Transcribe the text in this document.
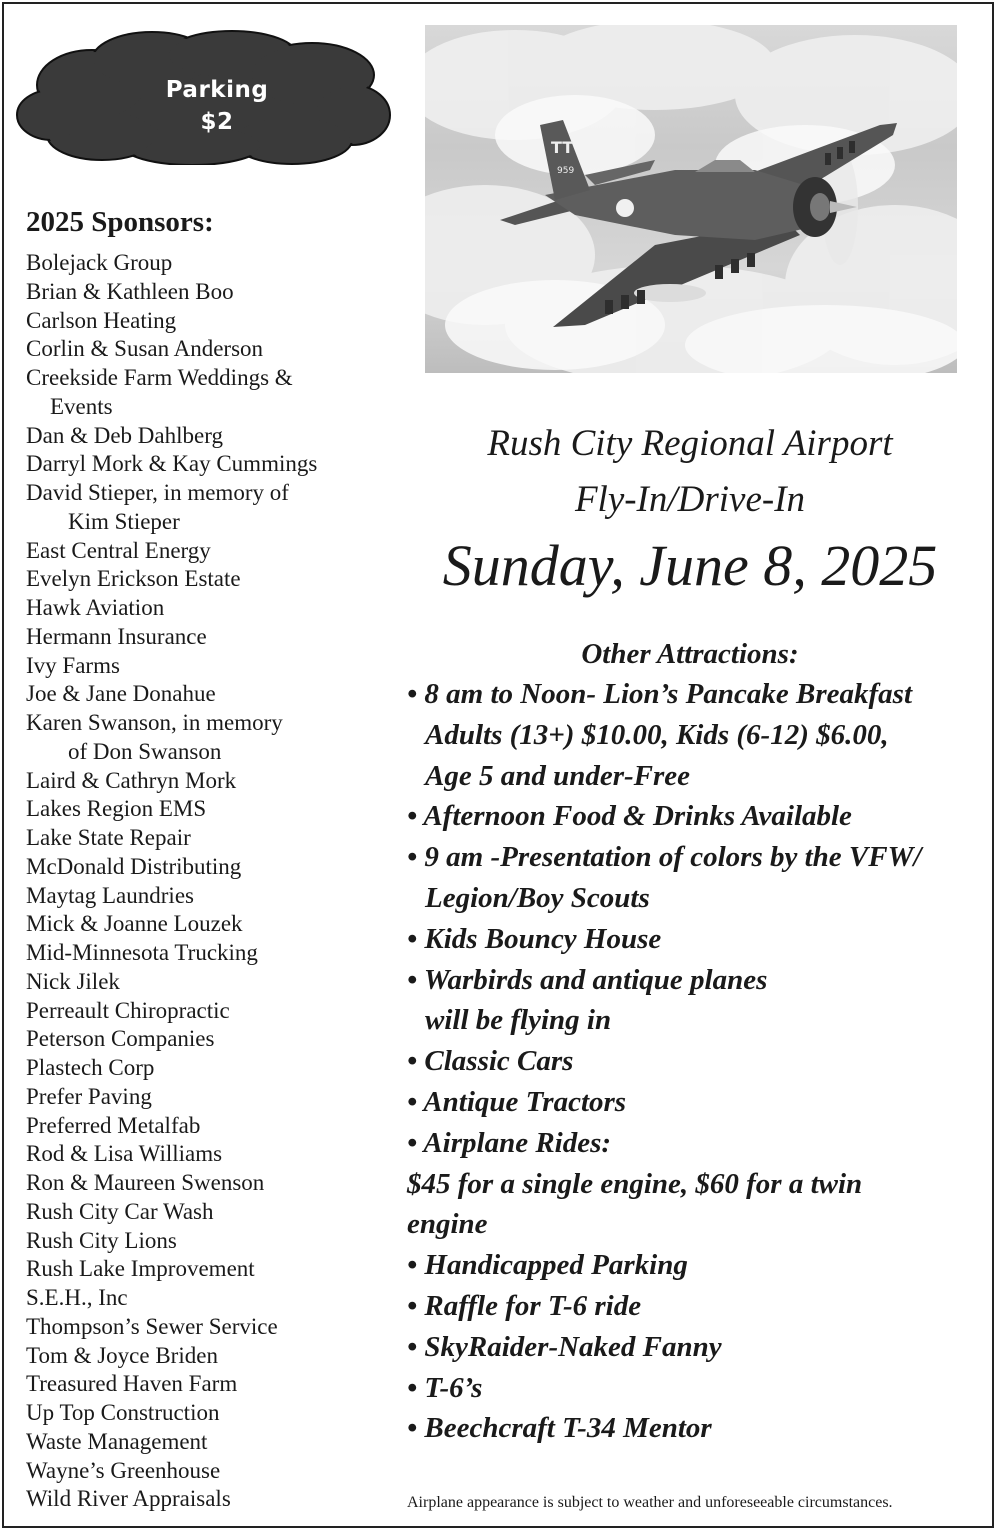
Parking
$2
2025 Sponsors:
Bolejack Group
Brian & Kathleen Boo
Carlson Heating
Corlin & Susan Anderson
Creekside Farm Weddings &
Events
Dan & Deb Dahlberg
Darryl Mork & Kay Cummings
David Stieper, in memory of
Kim Stieper
East Central Energy
Evelyn Erickson Estate
Hawk Aviation
Hermann Insurance
Ivy Farms
Joe & Jane Donahue
Karen Swanson, in memory
of Don Swanson
Laird & Cathryn Mork
Lakes Region EMS
Lake State Repair
McDonald Distributing
Maytag Laundries
Mick & Joanne Louzek
Mid-Minnesota Trucking
Nick Jilek
Perreault Chiropractic
Peterson Companies
Plastech Corp
Prefer Paving
Preferred Metalfab
Rod & Lisa Williams
Ron & Maureen Swenson
Rush City Car Wash
Rush City Lions
Rush Lake Improvement
S.E.H., Inc
Thompson’s Sewer Service
Tom & Joyce Briden
Treasured Haven Farm
Up Top Construction
Waste Management
Wayne’s Greenhouse
Wild River Appraisals
TT
959
Rush City Regional Airport
Fly-In/Drive-In
Sunday, June 8, 2025
Other Attractions:
• 8 am to Noon- Lion’s Pancake Breakfast
Adults (13+) $10.00, Kids (6-12) $6.00,
Age 5 and under-Free
• Afternoon Food & Drinks Available
• 9 am -Presentation of colors by the VFW/
Legion/Boy Scouts
• Kids Bouncy House
• Warbirds and antique planes
will be flying in
• Classic Cars
• Antique Tractors
• Airplane Rides:
$45 for a single engine, $60 for a twin
engine
• Handicapped Parking
• Raffle for T-6 ride
• SkyRaider-Naked Fanny
• T-6’s
• Beechcraft T-34 Mentor
Airplane appearance is subject to weather and unforeseeable circumstances.
